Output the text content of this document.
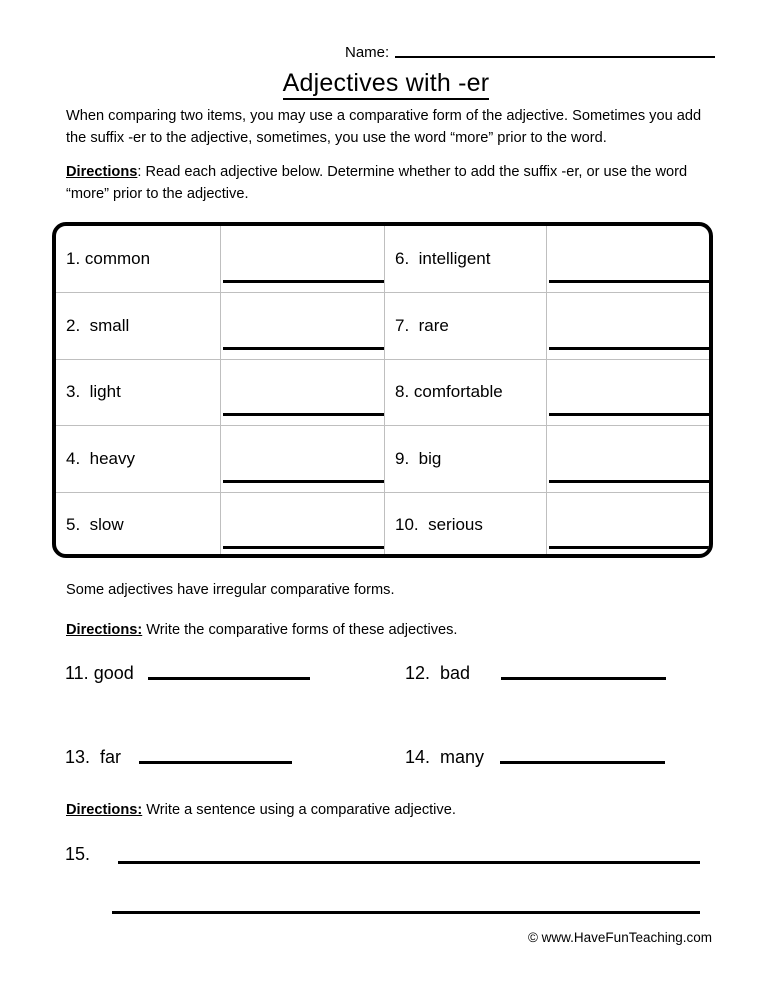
Name:
Adjectives with -er

When comparing two items, you may use a comparative form of the adjective. Sometimes you add the suffix -er to the adjective, sometimes, you use the word “more” prior to the word.

Directions: Read each adjective below. Determine whether to add the suffix -er, or use the word “more” prior to the adjective.

1. common	6.  intelligent
2.  small	7.  rare
3.  light	8. comfortable
4.  heavy	9.  big
5.  slow	10.  serious
Some adjectives have irregular comparative forms.
Directions: Write the comparative forms of these adjectives.
11. good	12.  bad
13.  far	14.  many
Directions: Write a sentence using a comparative adjective.
15.
© www.HaveFunTeaching.com
